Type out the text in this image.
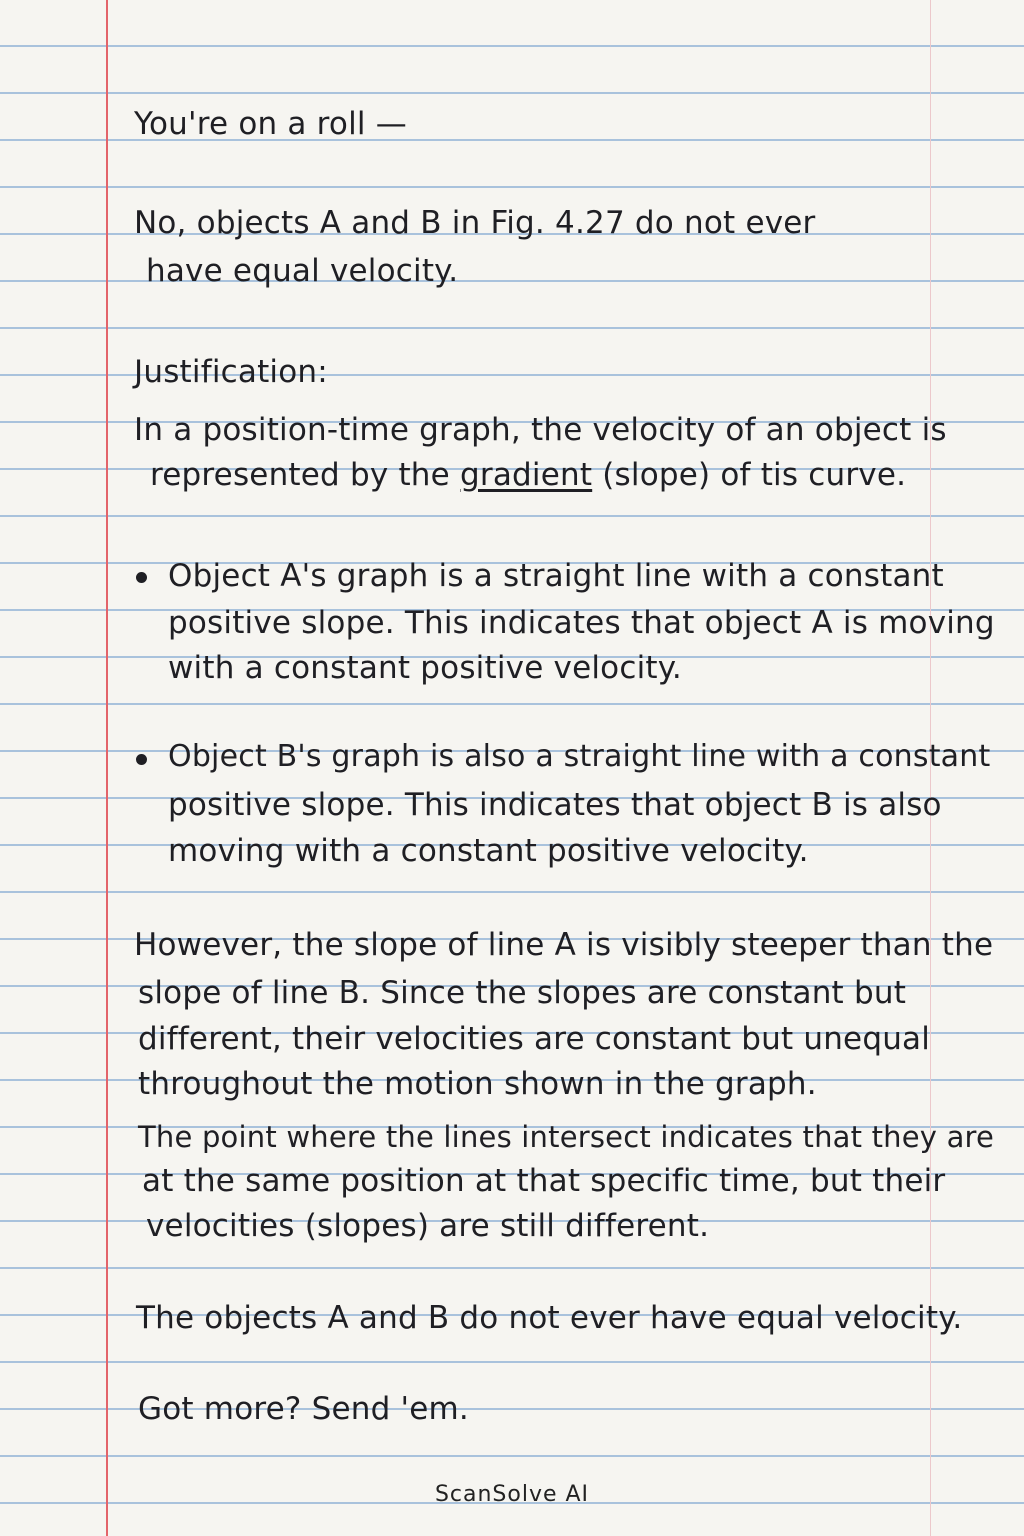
You're on a roll —
No, objects A and B in Fig. 4.27 do not ever
have equal velocity.
Justification:
In a position-time graph, the velocity of an object is
represented by the gradient (slope) of tis curve.
Object A's graph is a straight line with a constant
positive slope. This indicates that object A is moving
with a constant positive velocity.
Object B's graph is also a straight line with a constant
positive slope. This indicates that object B is also
moving with a constant positive velocity.
However, the slope of line A is visibly steeper than the
slope of line B. Since the slopes are constant but
different, their velocities are constant but unequal
throughout the motion shown in the graph.
The point where the lines intersect indicates that they are
at the same position at that specific time, but their
velocities (slopes) are still different.
The objects A and B do not ever have equal velocity.
Got more? Send 'em.
ScanSolve AI
